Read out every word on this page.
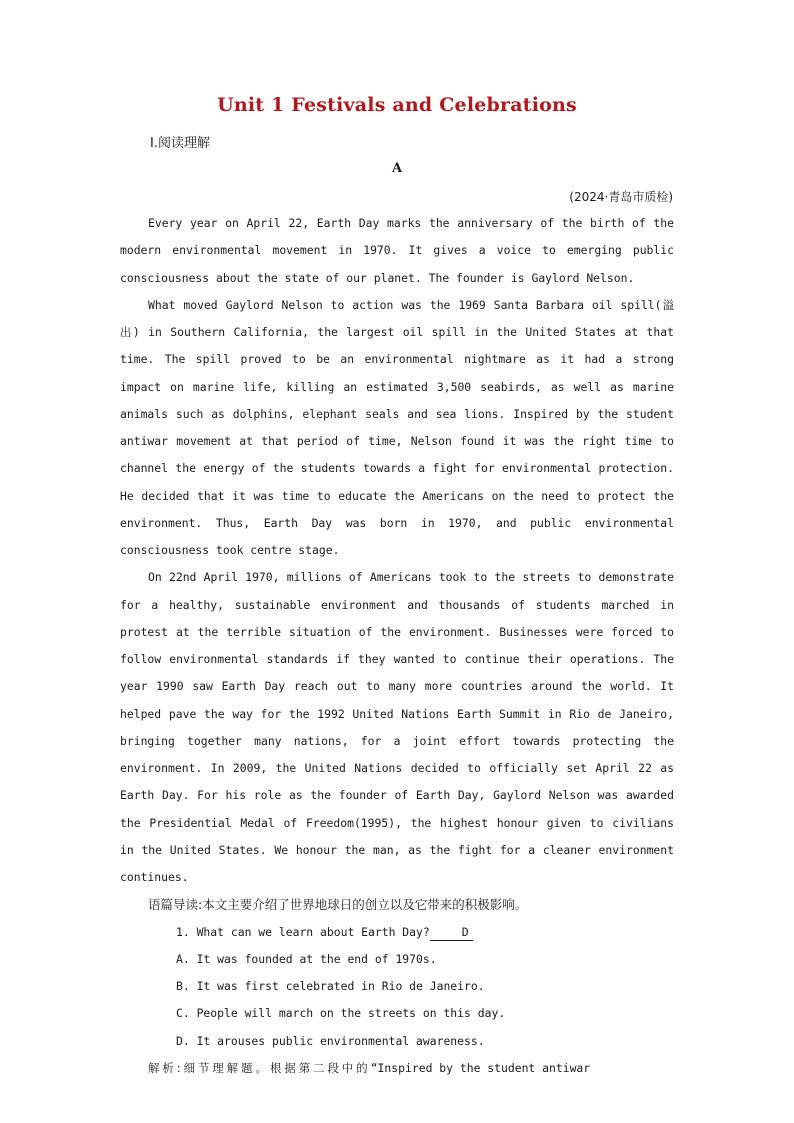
Unit 1 Festivals and Celebrations
Ⅰ.阅读理解
A
(2024·青岛市质检)

Every year on April 22, Earth Day marks the anniversary of the birth of the modern environmental movement in 1970. It gives a voice to emerging public consciousness about the state of our planet. The founder is Gaylord Nelson.

What moved Gaylord Nelson to action was the 1969 Santa Barbara oil spill(溢出) in Southern California, the largest oil spill in the United States at that time. The spill proved to be an environmental nightmare as it had a strong impact on marine life, killing an estimated 3,500 seabirds, as well as marine animals such as dolphins, elephant seals and sea lions. Inspired by the student antiwar movement at that period of time, Nelson found it was the right time to channel the energy of the students towards a fight for environmental protection. He decided that it was time to educate the Americans on the need to protect the environment. Thus, Earth Day was born in 1970, and public environmental consciousness took centre stage.

On 22nd April 1970, millions of Americans took to the streets to demonstrate for a healthy, sustainable environment and thousands of students marched in protest at the terrible situation of the environment. Businesses were forced to follow environmental standards if they wanted to continue their operations. The year 1990 saw Earth Day reach out to many more countries around the world. It helped pave the way for the 1992 United Nations Earth Summit in Rio de Janeiro, bringing together many nations, for a joint effort towards protecting the environment. In 2009, the United Nations decided to officially set April 22 as Earth Day. For his role as the founder of Earth Day, Gaylord Nelson was awarded the Presidential Medal of Freedom(1995), the highest honour given to civilians in the United States. We honour the man, as the fight for a cleaner environment continues.

语篇导读:本文主要介绍了世界地球日的创立以及它带来的积极影响。

1. What can we learn about Earth Day?	D

A. It was founded at the end of 1970s.

B. It was first celebrated in Rio de Janeiro.

C. People will march on the streets on this day.

D. It arouses public environmental awareness.

解析:细节理解题。根据第二段中的“Inspired by the student antiwar
